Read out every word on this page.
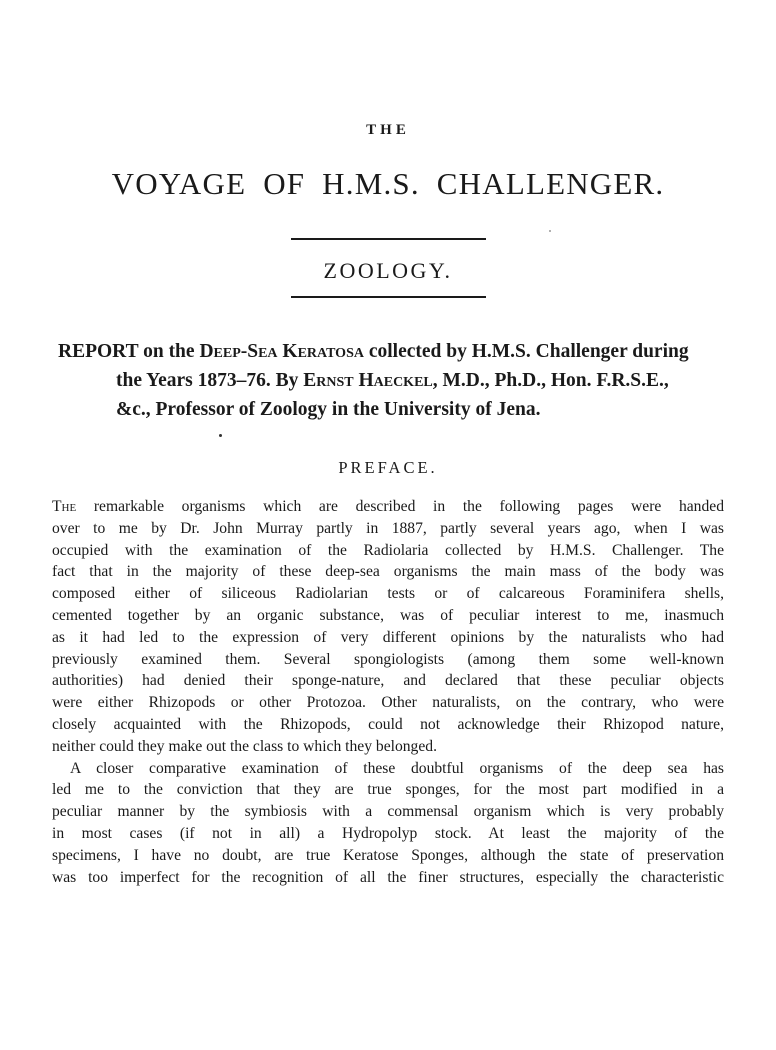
THE
VOYAGE OF H.M.S. CHALLENGER.
ZOOLOGY.
REPORT on the Deep-Sea Keratosa collected by H.M.S. Challenger during
the Years 1873–76. By Ernst Haeckel, M.D., Ph.D., Hon. F.R.S.E.,
&c., Professor of Zoology in the University of Jena.
PREFACE.
The remarkable organisms which are described in the following pages were handed
over to me by Dr. John Murray partly in 1887, partly several years ago, when I was
occupied with the examination of the Radiolaria collected by H.M.S. Challenger. The
fact that in the majority of these deep-sea organisms the main mass of the body was
composed either of siliceous Radiolarian tests or of calcareous Foraminifera shells,
cemented together by an organic substance, was of peculiar interest to me, inasmuch
as it had led to the expression of very different opinions by the naturalists who had
previously examined them. Several spongiologists (among them some well-known
authorities) had denied their sponge-nature, and declared that these peculiar objects
were either Rhizopods or other Protozoa. Other naturalists, on the contrary, who were
closely acquainted with the Rhizopods, could not acknowledge their Rhizopod nature,
neither could they make out the class to which they belonged.
A closer comparative examination of these doubtful organisms of the deep sea has
led me to the conviction that they are true sponges, for the most part modified in a
peculiar manner by the symbiosis with a commensal organism which is very probably
in most cases (if not in all) a Hydropolyp stock. At least the majority of the
specimens, I have no doubt, are true Keratose Sponges, although the state of preservation
was too imperfect for the recognition of all the finer structures, especially the characteristic
